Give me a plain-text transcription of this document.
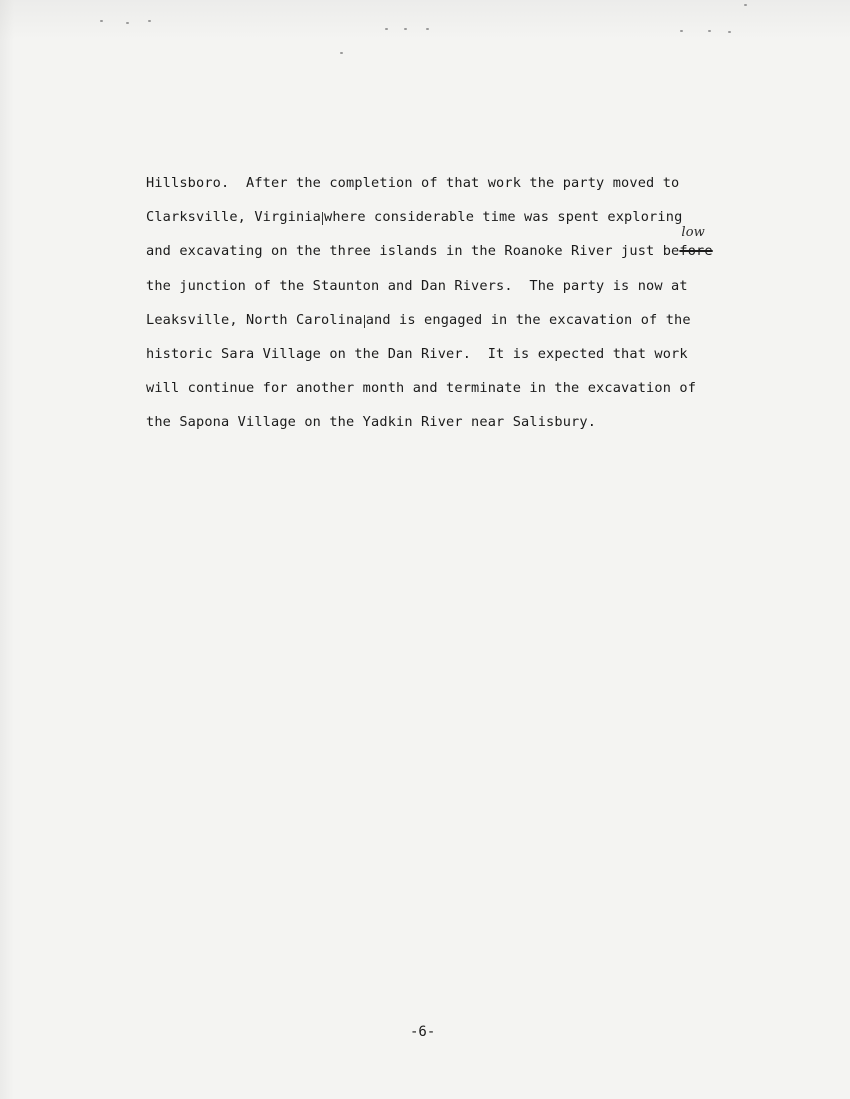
Hillsboro.  After the completion of that work the party moved to
Clarksville, Virginia where considerable time was spent exploring
and excavating on the three islands in the Roanoke River just before
low
the junction of the Staunton and Dan Rivers.  The party is now at
Leaksville, North Carolina and is engaged in the excavation of the
historic Sara Village on the Dan River.  It is expected that work
will continue for another month and terminate in the excavation of
the Sapona Village on the Yadkin River near Salisbury.

-6-
